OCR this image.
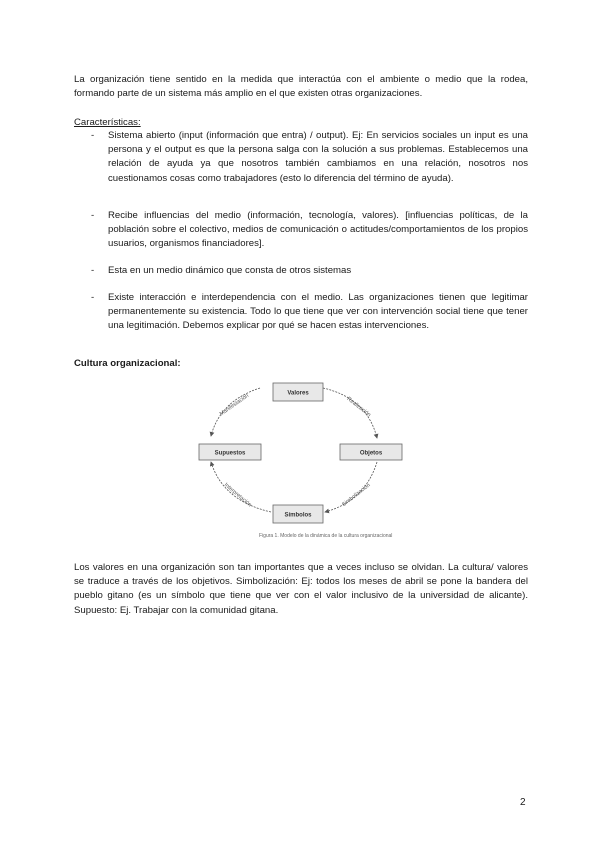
La organización tiene sentido en la medida que interactúa con el ambiente o medio que la rodea, formando parte de un sistema más amplio en el que existen otras organizaciones.
Características:
- Sistema abierto (input (información que entra) / output). Ej: En servicios sociales un input es una persona y el output es que la persona salga con la solución a sus problemas. Establecemos una relación de ayuda ya que nosotros también cambiamos en una relación, nosotros nos cuestionamos cosas como trabajadores (esto lo diferencia del término de ayuda).
- Recibe influencias del medio (información, tecnología, valores). [influencias políticas, de la población sobre el colectivo, medios de comunicación o actitudes/comportamientos de los propios usuarios, organismos financiadores].
- Esta en un medio dinámico que consta de otros sistemas
- Existe interacción e interdependencia con el medio. Las organizaciones tienen que legitimar permanentemente su existencia. Todo lo que tiene que ver con intervención social tiene que tener una legitimación. Debemos explicar por qué se hacen estas intervenciones.
Cultura organizacional:
Valores
Objetos
Símbolos
Supuestos
Manifestación	Realización
Simbolización
Interpretación
Figura 1. Modelo de la dinámica de la cultura organizacional
Los valores en una organización son tan importantes que a veces incluso se olvidan. La cultura/ valores se traduce a través de los objetivos. Simbolización: Ej: todos los meses de abril se pone la bandera del pueblo gitano (es un símbolo que tiene que ver con el valor inclusivo de la universidad de alicante). Supuesto: Ej. Trabajar con la comunidad gitana.
2
